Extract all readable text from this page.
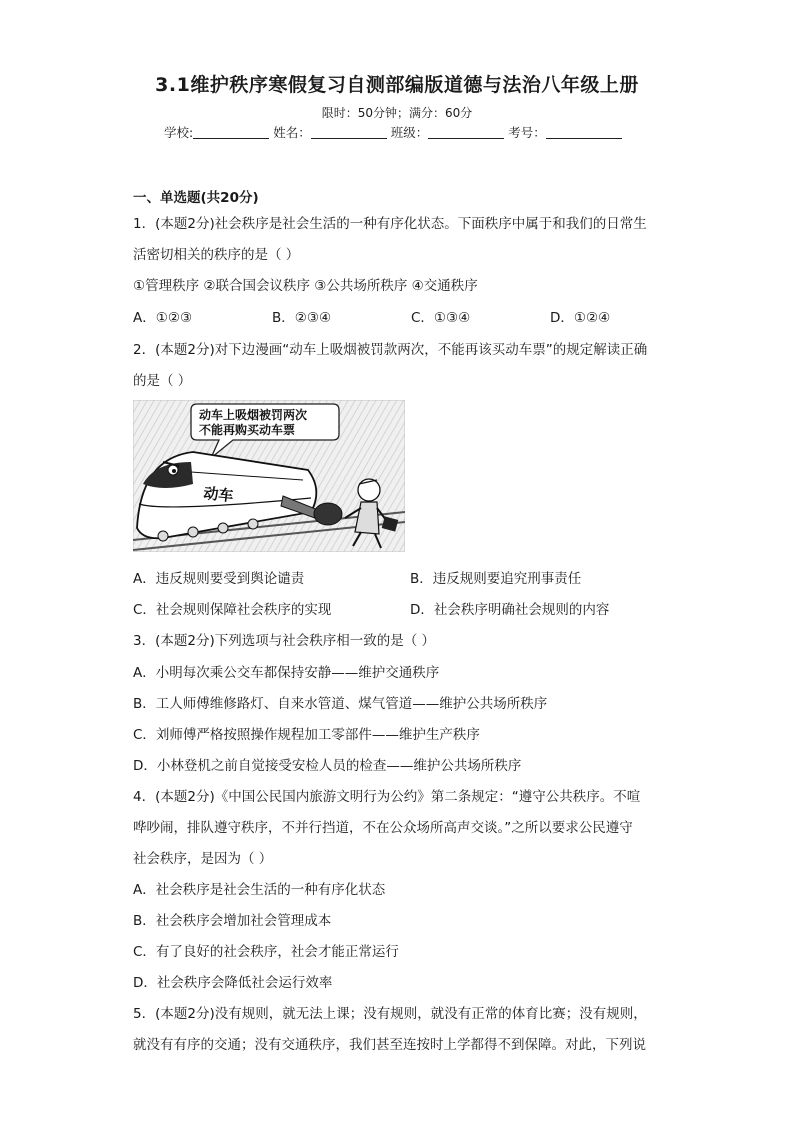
3.1维护秩序寒假复习自测部编版道德与法治八年级上册
限时：50分钟；满分：60分
学校:	姓名：	班级：	考号：
一、单选题(共20分)
1．(本题2分)社会秩序是社会生活的一种有序化状态。下面秩序中属于和我们的日常生
活密切相关的秩序的是（ ）
①管理秩序 ②联合国会议秩序 ③公共场所秩序 ④交通秩序
A．①②③	B．②③④	C．①③④	D．①②④
2．(本题2分)对下边漫画“动车上吸烟被罚款两次，不能再该买动车票”的规定解读正确
的是（ ）
动车上吸烟被罚两次
不能再购买动车票
动车
A．违反规则要受到舆论谴责	B．违反规则要追究刑事责任
C．社会规则保障社会秩序的实现	D．社会秩序明确社会规则的内容
3．(本题2分)下列选项与社会秩序相一致的是（ ）
A．小明每次乘公交车都保持安静——维护交通秩序
B．工人师傅维修路灯、自来水管道、煤气管道——维护公共场所秩序
C．刘师傅严格按照操作规程加工零部件——维护生产秩序
D．小林登机之前自觉接受安检人员的检查——维护公共场所秩序
4．(本题2分)《中国公民国内旅游文明行为公约》第二条规定：“遵守公共秩序。不喧
哗吵闹，排队遵守秩序，不并行挡道，不在公众场所高声交谈。”之所以要求公民遵守
社会秩序，是因为（ ）
A．社会秩序是社会生活的一种有序化状态
B．社会秩序会增加社会管理成本
C．有了良好的社会秩序，社会才能正常运行
D．社会秩序会降低社会运行效率
5．(本题2分)没有规则，就无法上课；没有规则，就没有正常的体育比赛；没有规则，
就没有有序的交通；没有交通秩序，我们甚至连按时上学都得不到保障。对此，下列说
